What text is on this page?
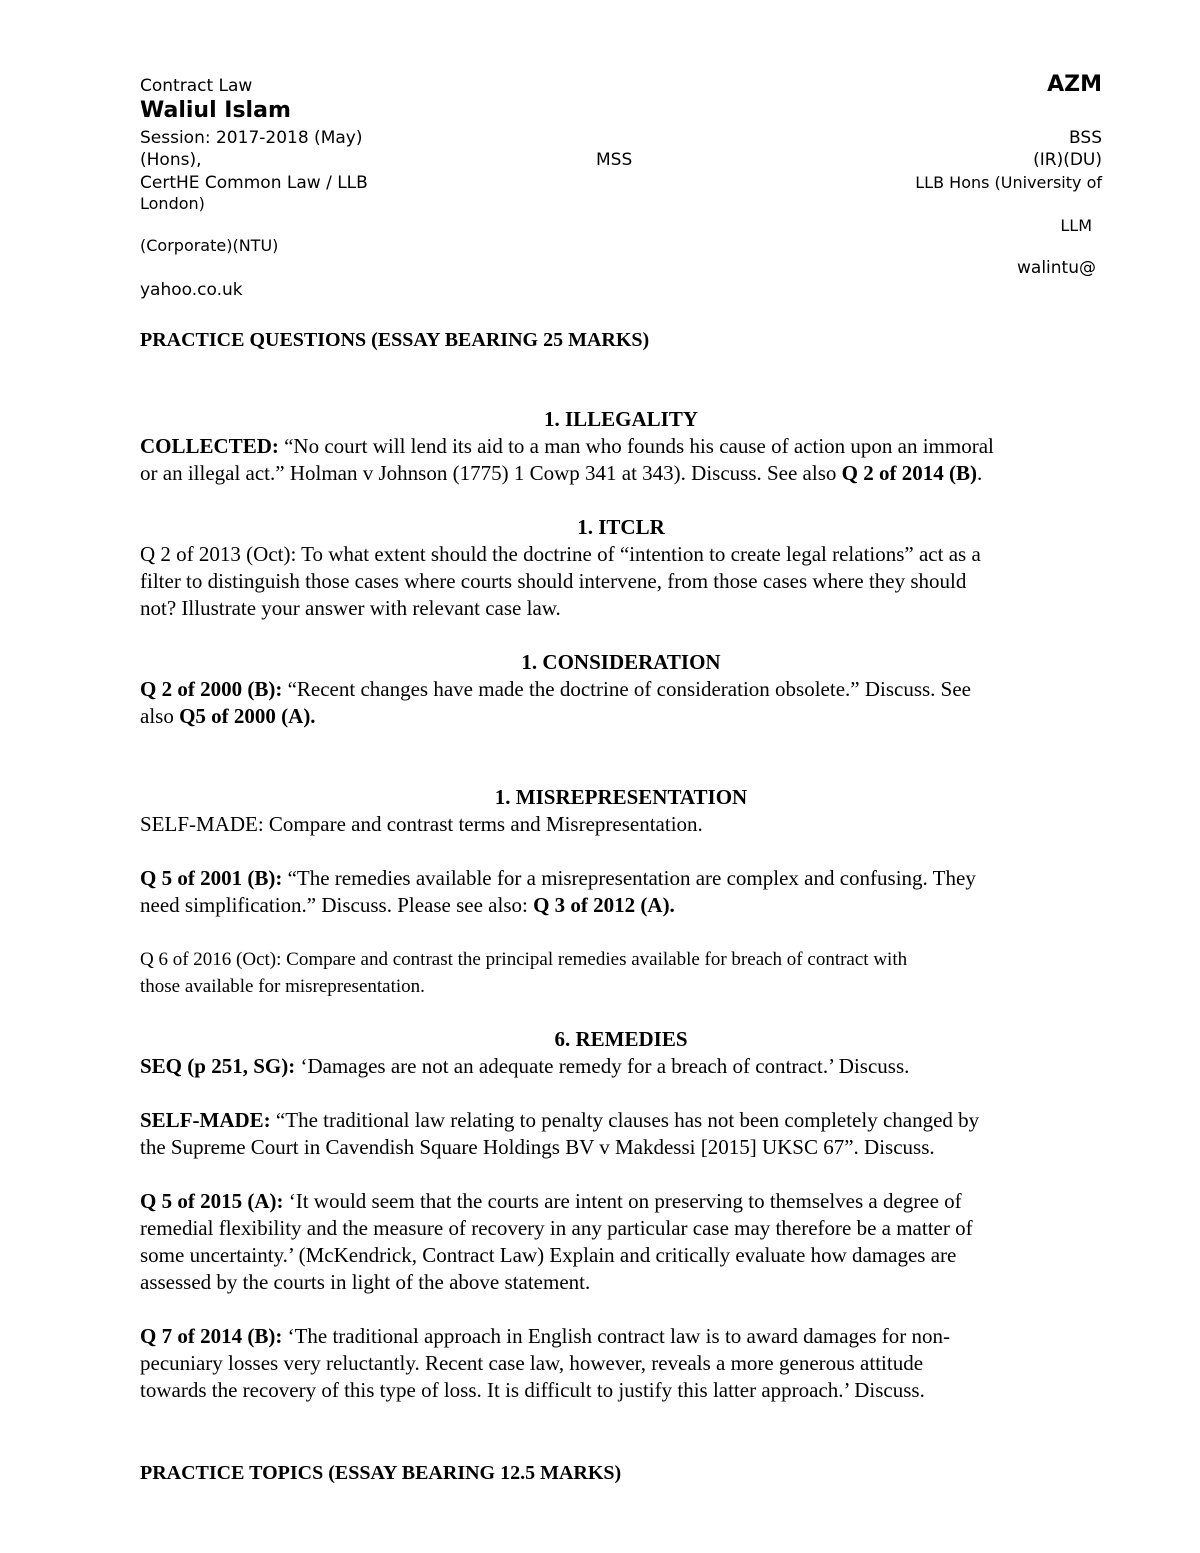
Contract Law	AZM
Waliul Islam
Session: 2017-2018 (May)	BSS
(Hons),	MSS	(IR)(DU)
CertHE Common Law / LLB	LLB Hons (University of
London)
LLM
(Corporate)(NTU)
walintu@
yahoo.co.uk
PRACTICE QUESTIONS (ESSAY BEARING 25 MARKS)
1. ILLEGALITY
COLLECTED: “No court will lend its aid to a man who founds his cause of action upon an immoral
or an illegal act.” Holman v Johnson (1775) 1 Cowp 341 at 343). Discuss. See also Q 2 of 2014 (B).
1. ITCLR
Q 2 of 2013 (Oct): To what extent should the doctrine of “intention to create legal relations” act as a
filter to distinguish those cases where courts should intervene, from those cases where they should
not? Illustrate your answer with relevant case law.
1. CONSIDERATION
Q 2 of 2000 (B): “Recent changes have made the doctrine of consideration obsolete.” Discuss. See
also Q5 of 2000 (A).
1. MISREPRESENTATION
SELF-MADE: Compare and contrast terms and Misrepresentation.
Q 5 of 2001 (B): “The remedies available for a misrepresentation are complex and confusing. They
need simplification.” Discuss. Please see also: Q 3 of 2012 (A).
Q 6 of 2016 (Oct): Compare and contrast the principal remedies available for breach of contract with
those available for misrepresentation.
6. REMEDIES
SEQ (p 251, SG): ‘Damages are not an adequate remedy for a breach of contract.’ Discuss.
SELF-MADE: “The traditional law relating to penalty clauses has not been completely changed by
the Supreme Court in Cavendish Square Holdings BV v Makdessi [2015] UKSC 67”. Discuss.
Q 5 of 2015 (A): ‘It would seem that the courts are intent on preserving to themselves a degree of
remedial flexibility and the measure of recovery in any particular case may therefore be a matter of
some uncertainty.’ (McKendrick, Contract Law) Explain and critically evaluate how damages are
assessed by the courts in light of the above statement.
Q 7 of 2014 (B): ‘The traditional approach in English contract law is to award damages for non-
pecuniary losses very reluctantly. Recent case law, however, reveals a more generous attitude
towards the recovery of this type of loss. It is difficult to justify this latter approach.’ Discuss.
PRACTICE TOPICS (ESSAY BEARING 12.5 MARKS)
